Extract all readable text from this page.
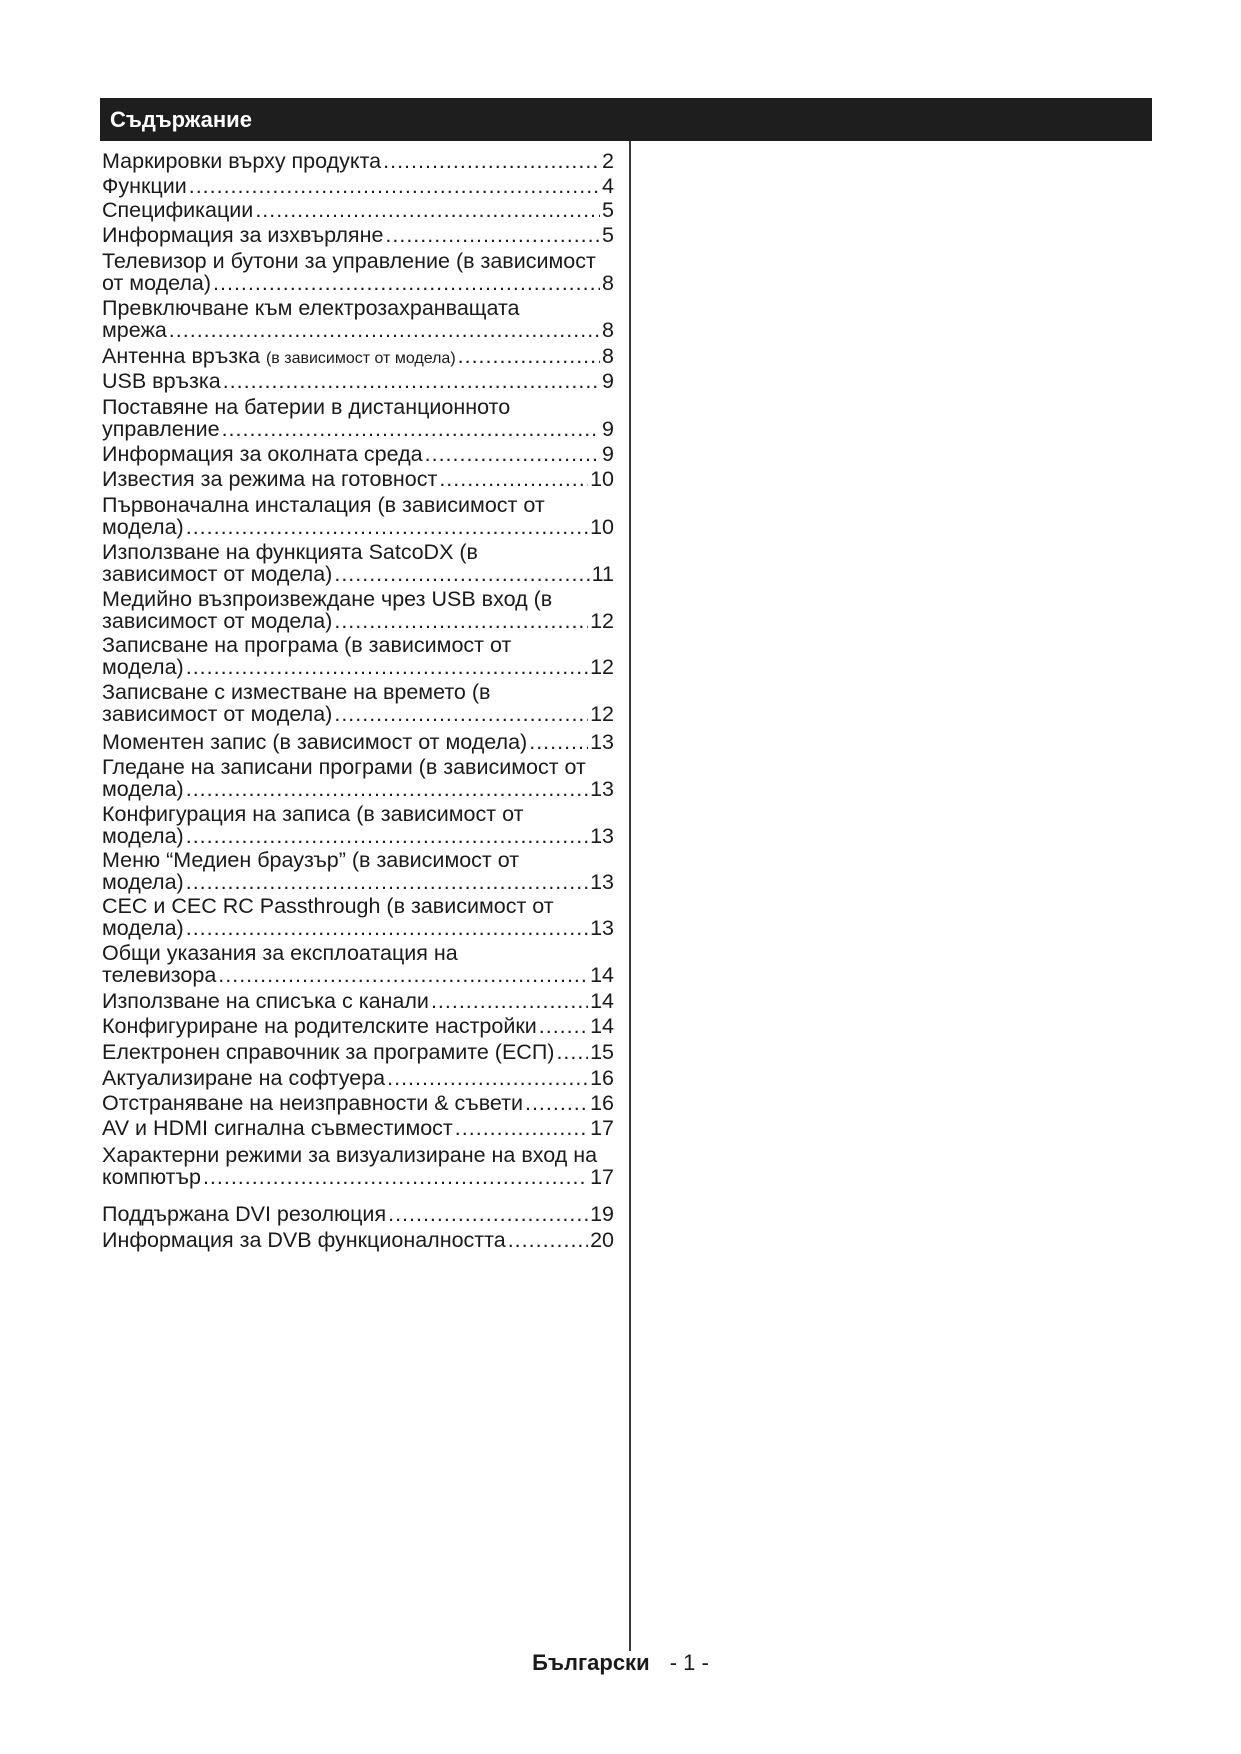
Съдържание
Маркировки върху продукта .....	2
Функции .....	4
Спецификации .....	5
Информация за изхвърляне .....	5
Телевизор и бутони за управление (в зависимост
от модела) .....	8
Превключване към електрозахранващата
мрежа .....	8
Антенна връзка (в зависимост от модела) .....	8
USB връзка .....	9
Поставяне на батерии в дистанционното
управление .....	9
Информация за околната среда .....	9
Известия за режима на готовност .....	10
Първоначална инсталация (в зависимост от
модела) .....	10
Използване на функцията SatcoDX (в
зависимост от модела) .....	11
Медийно възпроизвеждане чрез USB вход (в
зависимост от модела) .....	12
Записване на програма (в зависимост от
модела) .....	12
Записване с изместване на времето (в
зависимост от модела) .....	12
Моментен запис (в зависимост от модела) .....	13
Гледане на записани програми (в зависимост от
модела) .....	13
Конфигурация на записа (в зависимост от
модела) .....	13
Меню “Медиен браузър” (в зависимост от
модела) .....	13
CEC и CEC RC Passthrough (в зависимост от
модела) .....	13
Общи указания за експлоатация на
телевизора .....	14
Използване на списъка с канали .....	14
Конфигуриране на родителските настройки ..... 14
Електронен справочник за програмите (ЕСП) ..... 15
Актуализиране на софтуера .....	16
Отстраняване на неизправности & съвети .....	16
AV и HDMI сигнална съвместимост .....	17
Характерни режими за визуализиране на вход на
компютър .....	17
Поддържана DVI резолюция .....	19
Информация за DVB функционалността .....	20
Български - 1 -
